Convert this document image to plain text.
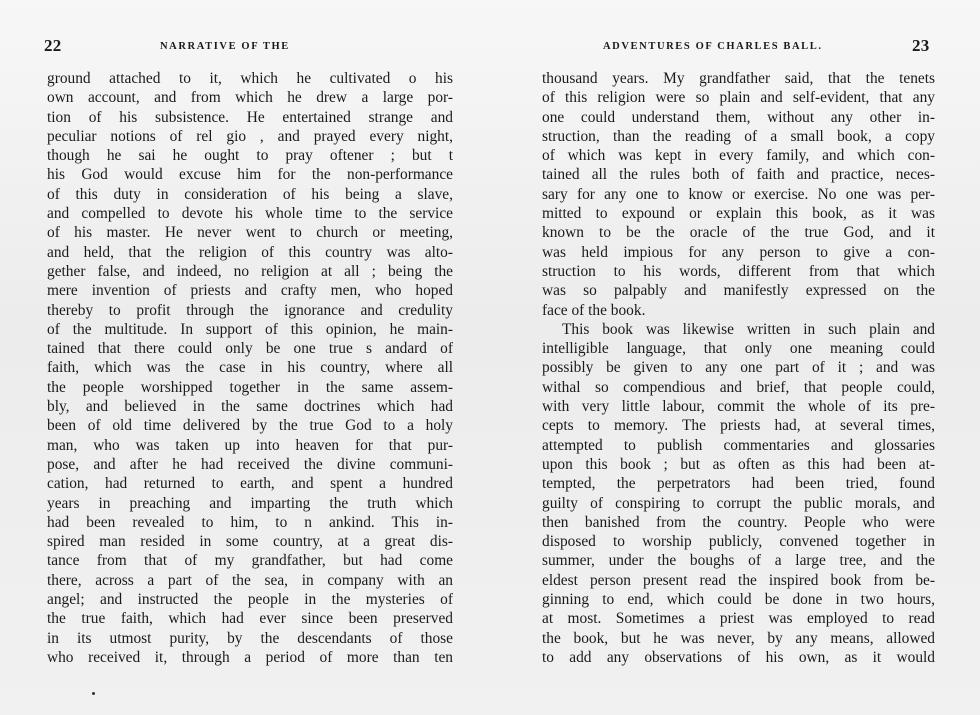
22	NARRATIVE OF THE
ground attached to it, which he cultivated o his
own account, and from which he drew a large por-
tion of his subsistence. He entertained strange and
peculiar notions of rel gio , and prayed every night,
though he sai he ought to pray oftener ; but t
his God would excuse him for the non-performance
of this duty in consideration of his being a slave,
and compelled to devote his whole time to the service
of his master. He never went to church or meeting,
and held, that the religion of this country was alto-
gether false, and indeed, no religion at all ; being the
mere invention of priests and crafty men, who hoped
thereby to profit through the ignorance and credulity
of the multitude. In support of this opinion, he main-
tained that there could only be one true s andard of
faith, which was the case in his country, where all
the people worshipped together in the same assem-
bly, and believed in the same doctrines which had
been of old time delivered by the true God to a holy
man, who was taken up into heaven for that pur-
pose, and after he had received the divine communi-
cation, had returned to earth, and spent a hundred
years in preaching and imparting the truth which
had been revealed to him, to n ankind. This in-
spired man resided in some country, at a great dis-
tance from that of my grandfather, but had come
there, across a part of the sea, in company with an
angel; and instructed the people in the mysteries of
the true faith, which had ever since been preserved
in its utmost purity, by the descendants of those
who received it, through a period of more than ten
ADVENTURES OF CHARLES BALL.	23
thousand years. My grandfather said, that the tenets
of this religion were so plain and self-evident, that any
one could understand them, without any other in-
struction, than the reading of a small book, a copy
of which was kept in every family, and which con-
tained all the rules both of faith and practice, neces-
sary for any one to know or exercise. No one was per-
mitted to expound or explain this book, as it was
known to be the oracle of the true God, and it
was held impious for any person to give a con-
struction to his words, different from that which
was so palpably and manifestly expressed on the
face of the book.
This book was likewise written in such plain and
intelligible language, that only one meaning could
possibly be given to any one part of it ; and was
withal so compendious and brief, that people could,
with very little labour, commit the whole of its pre-
cepts to memory. The priests had, at several times,
attempted to publish commentaries and glossaries
upon this book ; but as often as this had been at-
tempted, the perpetrators had been tried, found
guilty of conspiring to corrupt the public morals, and
then banished from the country. People who were
disposed to worship publicly, convened together in
summer, under the boughs of a large tree, and the
eldest person present read the inspired book from be-
ginning to end, which could be done in two hours,
at most. Sometimes a priest was employed to read
the book, but he was never, by any means, allowed
to add any observations of his own, as it would
